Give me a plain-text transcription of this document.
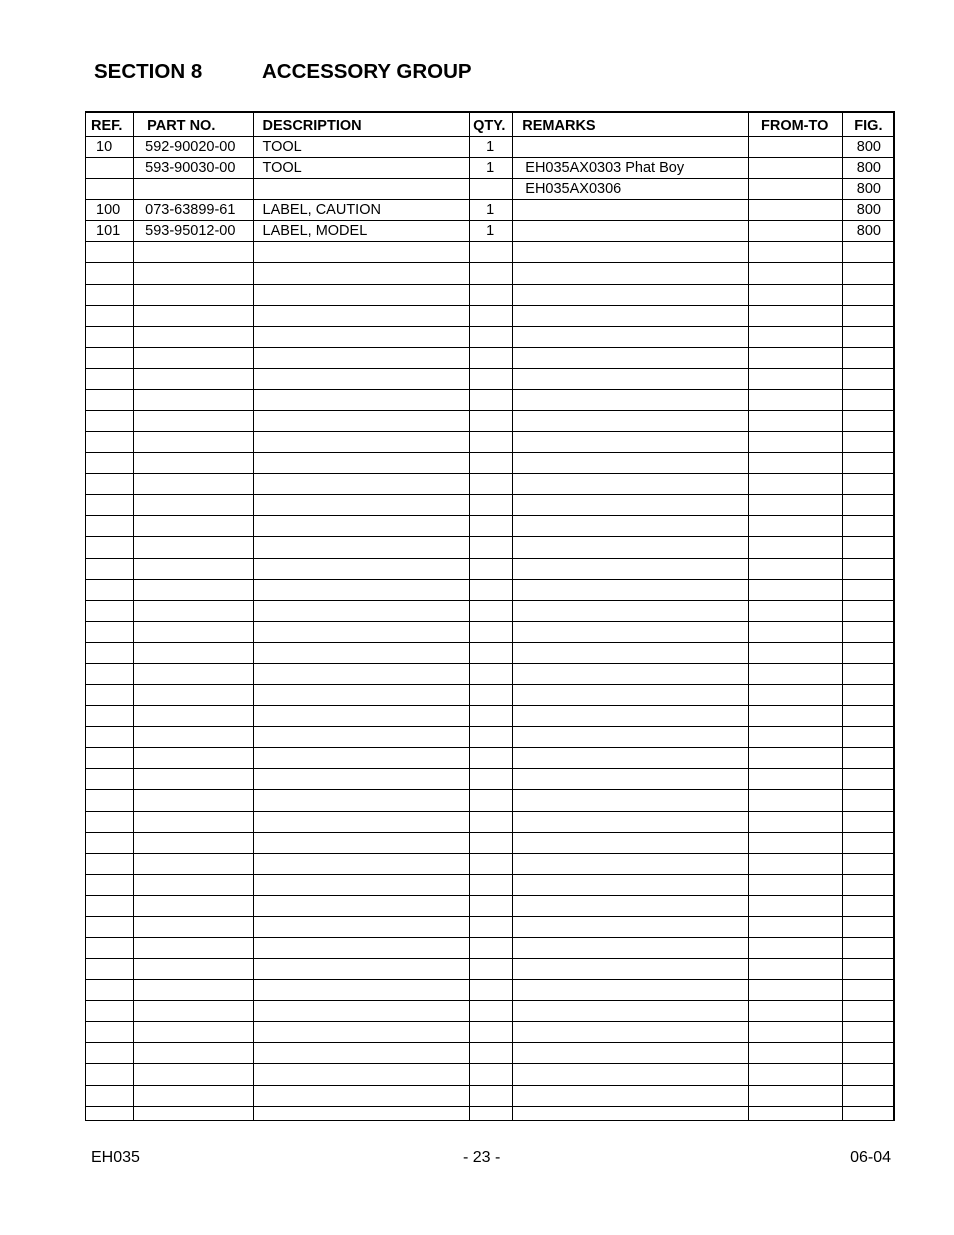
SECTION 8	ACCESSORY GROUP
REF.	PART NO.	DESCRIPTION	QTY.	REMARKS	FROM-TO	FIG.
10	592-90020-00	TOOL	1			800
	593-90030-00	TOOL	1	EH035AX0303 Phat Boy		800
				EH035AX0306		800
100	073-63899-61	LABEL, CAUTION	1			800
101	593-95012-00	LABEL, MODEL	1			800

EH035	- 23 -	06-04
